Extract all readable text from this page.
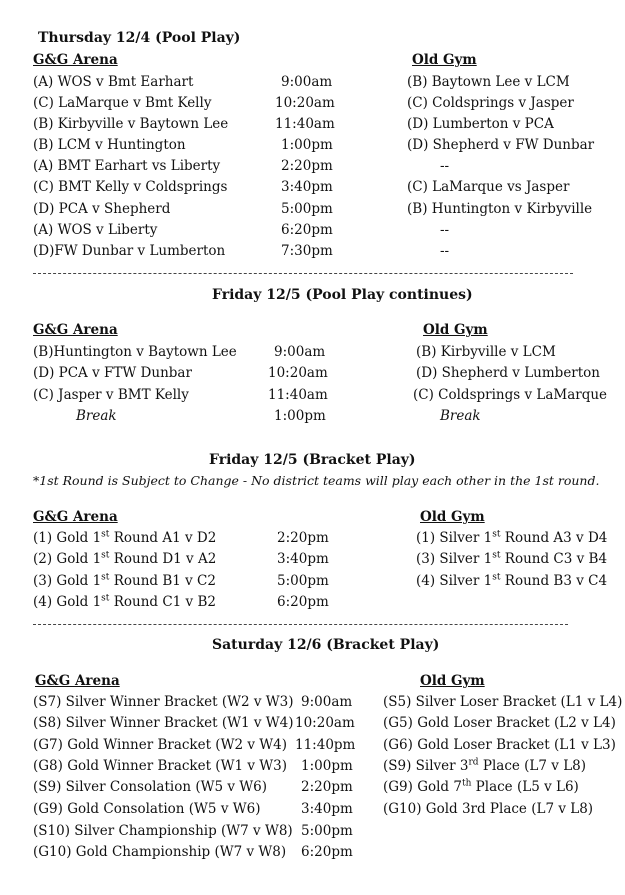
Thursday 12/4 (Pool Play)
G&G Arena	Old Gym
(A) WOS v Bmt Earhart	9:00am	(B) Baytown Lee v LCM
(C) LaMarque v Bmt Kelly	10:20am	(C) Coldsprings v Jasper
(B) Kirbyville v Baytown Lee	11:40am	(D) Lumberton v PCA
(B) LCM v Huntington	1:00pm	(D) Shepherd v FW Dunbar
(A) BMT Earhart vs Liberty	2:20pm	--
(C) BMT Kelly v Coldsprings	3:40pm	(C) LaMarque vs Jasper
(D) PCA v Shepherd	5:00pm	(B) Huntington v Kirbyville
(A) WOS v Liberty	6:20pm	--
(D)FW Dunbar v Lumberton	7:30pm	--
Friday 12/5 (Pool Play continues)
G&G Arena	Old Gym
(B)Huntington v Baytown Lee	9:00am	(B) Kirbyville v LCM
(D) PCA v FTW Dunbar	10:20am	(D) Shepherd v Lumberton
(C) Jasper v BMT Kelly	11:40am	(C) Coldsprings v LaMarque
Break	1:00pm	Break
Friday 12/5 (Bracket Play)
*1st Round is Subject to Change - No district teams will play each other in the 1st round.
G&G Arena	Old Gym
(1) Gold 1st Round A1 v D2	2:20pm	(1) Silver 1st Round A3 v D4
(2) Gold 1st Round D1 v A2	3:40pm	(3) Silver 1st Round C3 v B4
(3) Gold 1st Round B1 v C2	5:00pm	(4) Silver 1st Round B3 v C4
(4) Gold 1st Round C1 v B2	6:20pm
Saturday 12/6 (Bracket Play)
G&G Arena	Old Gym
(S7) Silver Winner Bracket (W2 v W3) 9:00am (S5) Silver Loser Bracket (L1 v L4)
(S8) Silver Winner Bracket (W1 v W4) 10:20am (G5) Gold Loser Bracket (L2 v L4)
(G7) Gold Winner Bracket (W2 v W4) 11:40pm (G6) Gold Loser Bracket (L1 v L3)
(G8) Gold Winner Bracket (W1 v W3) 1:00pm (S9) Silver 3rd Place (L7 v L8)
(S9) Silver Consolation (W5 v W6)	2:20pm (G9) Gold 7th Place (L5 v L6)
(G9) Gold Consolation (W5 v W6)	3:40pm (G10) Gold 3rd Place (L7 v L8)
(S10) Silver Championship (W7 v W8) 5:00pm
(G10) Gold Championship (W7 v W8) 6:20pm
